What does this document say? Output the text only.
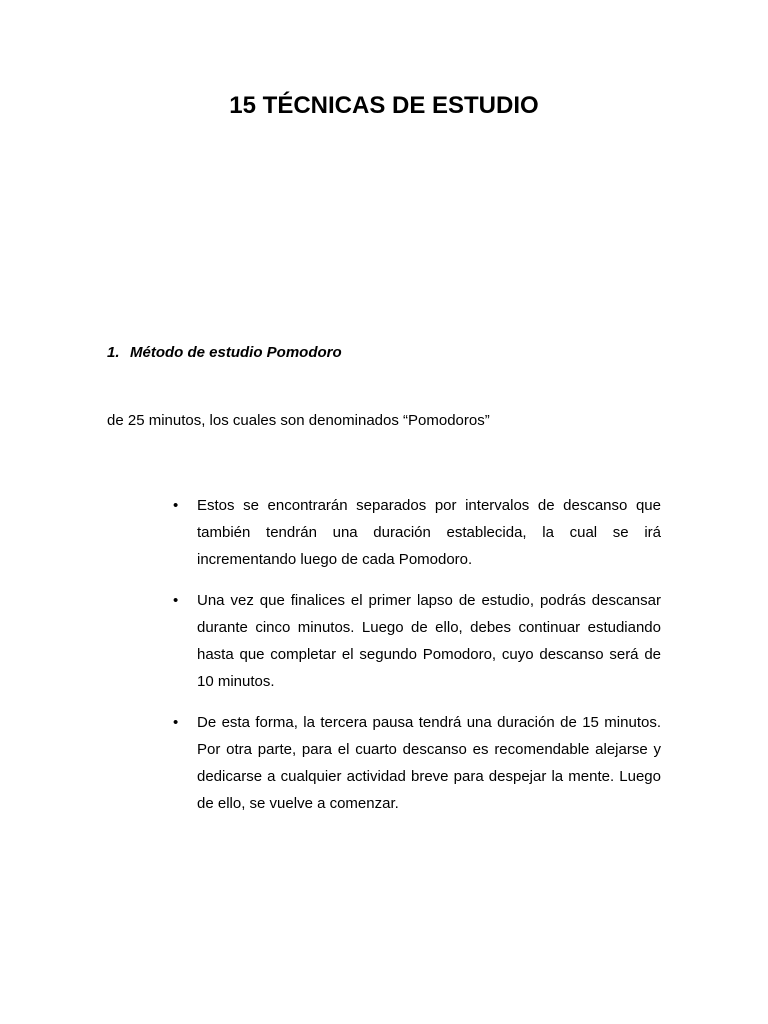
15 TÉCNICAS DE ESTUDIO

1. Método de estudio Pomodoro

de 25 minutos, los cuales son denominados “Pomodoros”

• Estos se encontrarán separados por intervalos de descanso que también tendrán una duración establecida, la cual se irá incrementando luego de cada Pomodoro.
• Una vez que finalices el primer lapso de estudio, podrás descansar durante cinco minutos. Luego de ello, debes continuar estudiando hasta que completar el segundo Pomodoro, cuyo descanso será de 10 minutos.
• De esta forma, la tercera pausa tendrá una duración de 15 minutos. Por otra parte, para el cuarto descanso es recomendable alejarse y dedicarse a cualquier actividad breve para despejar la mente. Luego de ello, se vuelve a comenzar.
